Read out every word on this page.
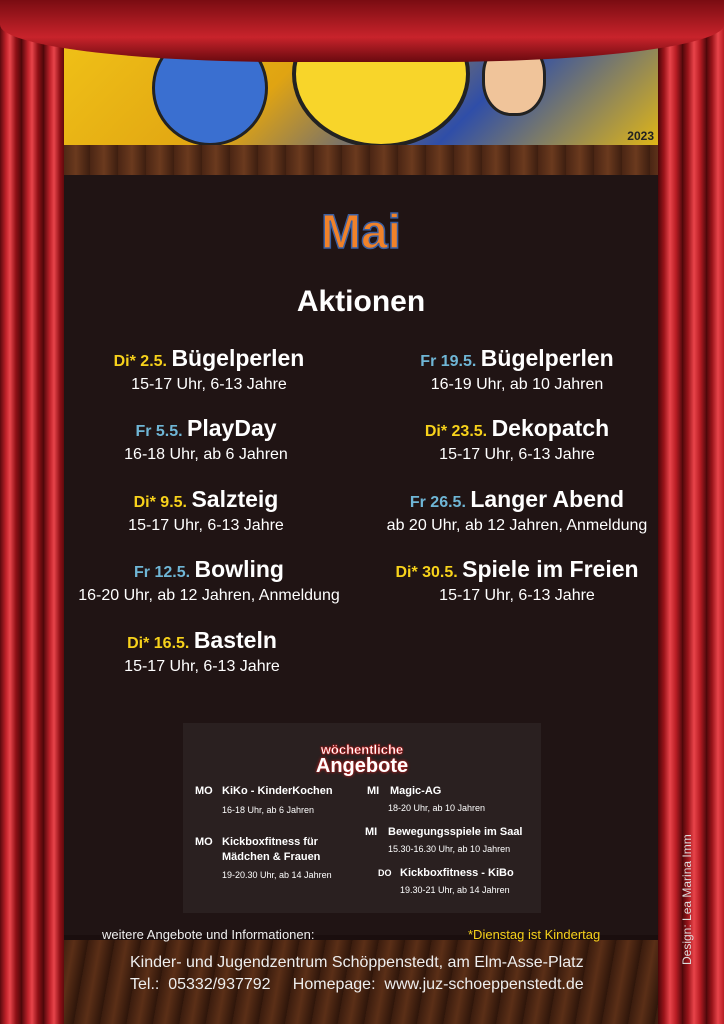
2023
Mai
Aktionen
Di* 2.5. Bügelperlen
15-17 Uhr, 6-13 Jahre
Fr 5.5. PlayDay
16-18 Uhr, ab 6 Jahren
Di* 9.5. Salzteig
15-17 Uhr, 6-13 Jahre
Fr 12.5. Bowling
16-20 Uhr, ab 12 Jahren, Anmeldung
Di* 16.5. Basteln
15-17 Uhr, 6-13 Jahre
Fr 19.5. Bügelperlen
16-19 Uhr, ab 10 Jahren
Di* 23.5. Dekopatch
15-17 Uhr, 6-13 Jahre
Fr 26.5. Langer Abend
ab 20 Uhr, ab 12 Jahren, Anmeldung
Di* 30.5. Spiele im Freien
15-17 Uhr, 6-13 Jahre
wöchentliche
Angebote
MO KiKo - KinderKochen
16-18 Uhr, ab 6 Jahren
MO Kickboxfitness für
Mädchen & Frauen
19-20.30 Uhr, ab 14 Jahren
MI Magic-AG
18-20 Uhr, ab 10 Jahren
MI Bewegungsspiele im Saal
15.30-16.30 Uhr, ab 10 Jahren
DO Kickboxfitness - KiBo
19.30-21 Uhr, ab 14 Jahren
weitere Angebote und Informationen:	*Dienstag ist Kindertag
Kinder- und Jugendzentrum Schöppenstedt, am Elm-Asse-Platz
Tel.:  05332/937792     Homepage:  www.juz-schoeppenstedt.de
Design: Lea Marina Imm
